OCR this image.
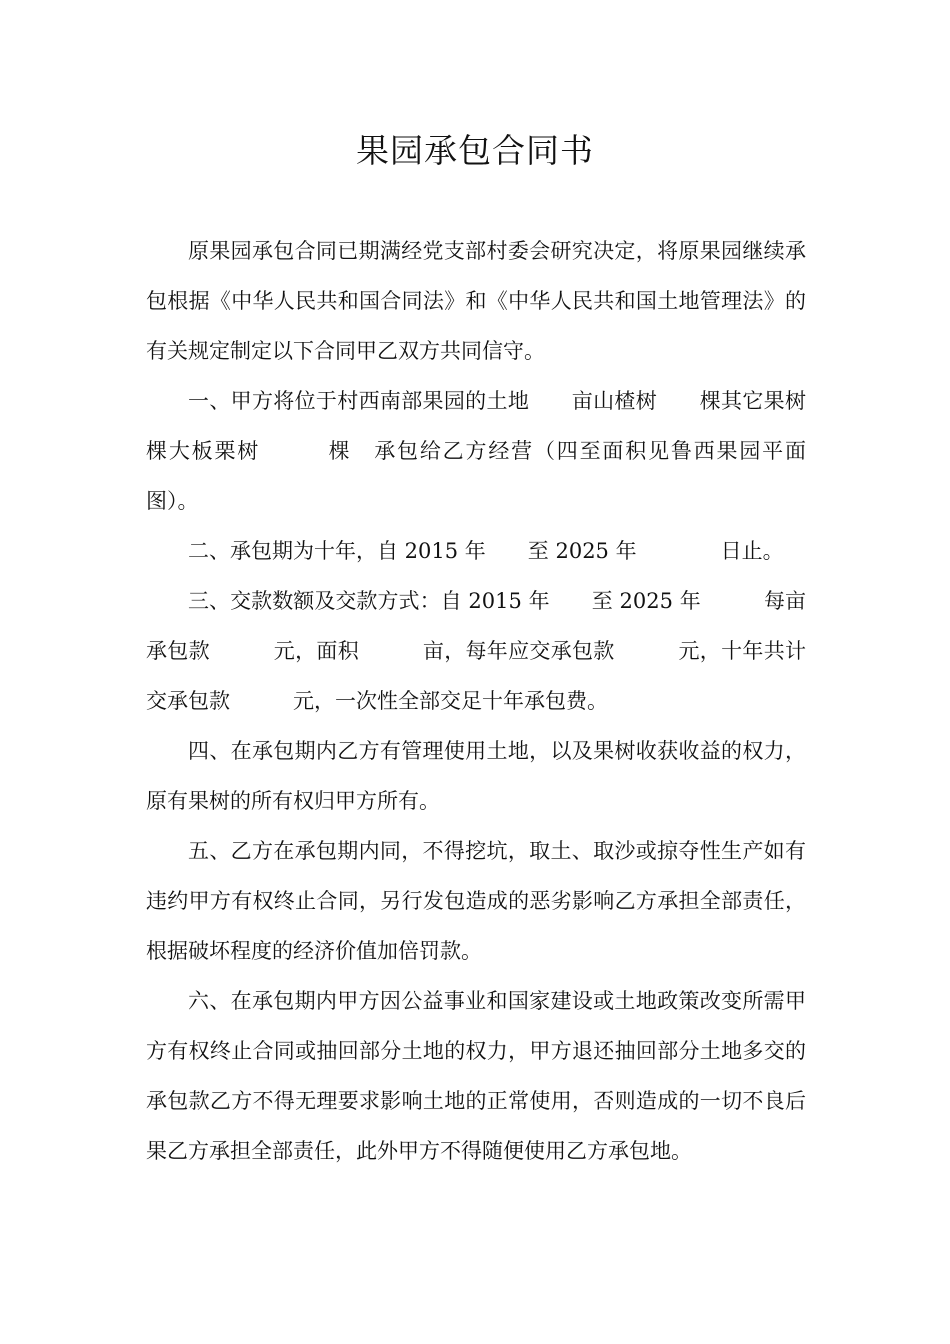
果园承包合同书

原果园承包合同已期满经党支部村委会研究决定，将原果园继续承包根据《中华人民共和国合同法》和《中华人民共和国土地管理法》的有关规定制定以下合同甲乙双方共同信守。

一、甲方将位于村西南部果园的土地　　亩山楂树　　棵其它果树棵大板栗树　　　棵　承包给乙方经营（四至面积见鲁西果园平面图）。

二、承包期为十年，自 2015 年　　至 2025 年　　　　日止。

三、交款数额及交款方式：自 2015 年　　至 2025 年　　　每亩承包款　　　元，面积　　　亩，每年应交承包款　　　元，十年共计交承包款　　　元，一次性全部交足十年承包费。

四、在承包期内乙方有管理使用土地，以及果树收获收益的权力，原有果树的所有权归甲方所有。

五、乙方在承包期内同，不得挖坑，取土、取沙或掠夺性生产如有违约甲方有权终止合同，另行发包造成的恶劣影响乙方承担全部责任，根据破坏程度的经济价值加倍罚款。

六、在承包期内甲方因公益事业和国家建设或土地政策改变所需甲方有权终止合同或抽回部分土地的权力，甲方退还抽回部分土地多交的承包款乙方不得无理要求影响土地的正常使用，否则造成的一切不良后果乙方承担全部责任，此外甲方不得随便使用乙方承包地。
